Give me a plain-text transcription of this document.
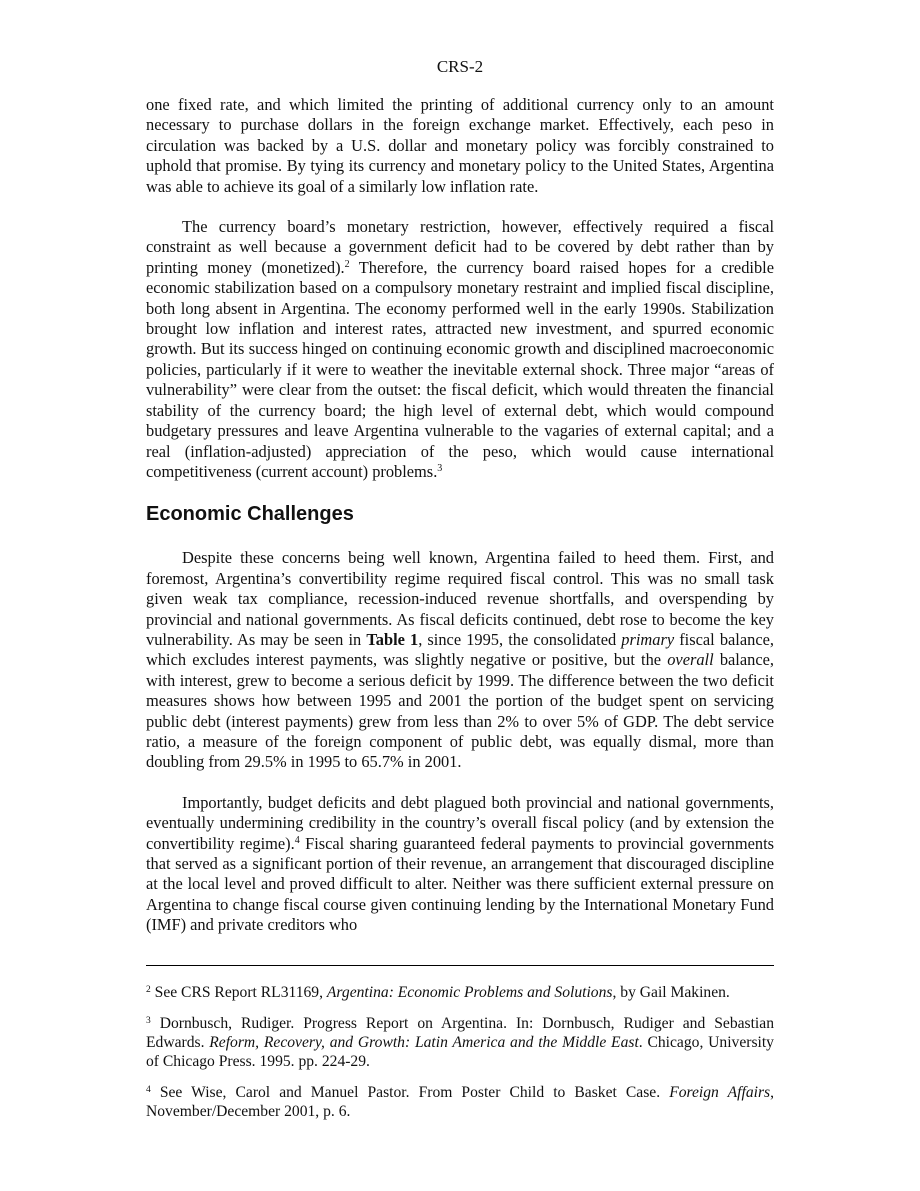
CRS-2

one fixed rate, and which limited the printing of additional currency only to an amount necessary to purchase dollars in the foreign exchange market. Effectively, each peso in circulation was backed by a U.S. dollar and monetary policy was forcibly constrained to uphold that promise. By tying its currency and monetary policy to the United States, Argentina was able to achieve its goal of a similarly low inflation rate.

The currency board’s monetary restriction, however, effectively required a fiscal constraint as well because a government deficit had to be covered by debt rather than by printing money (monetized).$^2$ Therefore, the currency board raised hopes for a credible economic stabilization based on a compulsory monetary restraint and implied fiscal discipline, both long absent in Argentina. The economy performed well in the early 1990s. Stabilization brought low inflation and interest rates, attracted new investment, and spurred economic growth. But its success hinged on continuing economic growth and disciplined macroeconomic policies, particularly if it were to weather the inevitable external shock. Three major “areas of vulnerability” were clear from the outset: the fiscal deficit, which would threaten the financial stability of the currency board; the high level of external debt, which would compound budgetary pressures and leave Argentina vulnerable to the vagaries of external capital; and a real (inflation-adjusted) appreciation of the peso, which would cause international competitiveness (current account) problems.$^3$

Economic Challenges

Despite these concerns being well known, Argentina failed to heed them. First, and foremost, Argentina’s convertibility regime required fiscal control. This was no small task given weak tax compliance, recession-induced revenue shortfalls, and overspending by provincial and national governments. As fiscal deficits continued, debt rose to become the key vulnerability. As may be seen in Table 1, since 1995, the consolidated primary fiscal balance, which excludes interest payments, was slightly negative or positive, but the overall balance, with interest, grew to become a serious deficit by 1999. The difference between the two deficit measures shows how between 1995 and 2001 the portion of the budget spent on servicing public debt (interest payments) grew from less than 2% to over 5% of GDP. The debt service ratio, a measure of the foreign component of public debt, was equally dismal, more than doubling from 29.5% in 1995 to 65.7% in 2001.

Importantly, budget deficits and debt plagued both provincial and national governments, eventually undermining credibility in the country’s overall fiscal policy (and by extension the convertibility regime).$^4$ Fiscal sharing guaranteed federal payments to provincial governments that served as a significant portion of their revenue, an arrangement that discouraged discipline at the local level and proved difficult to alter. Neither was there sufficient external pressure on Argentina to change fiscal course given continuing lending by the International Monetary Fund (IMF) and private creditors who

$^2$ See CRS Report RL31169, Argentina: Economic Problems and Solutions, by Gail Makinen.

$^3$ Dornbusch, Rudiger. Progress Report on Argentina. In: Dornbusch, Rudiger and Sebastian Edwards. Reform, Recovery, and Growth: Latin America and the Middle East. Chicago, University of Chicago Press. 1995. pp. 224-29.

$^4$ See Wise, Carol and Manuel Pastor. From Poster Child to Basket Case. Foreign Affairs, November/December 2001, p. 6.
